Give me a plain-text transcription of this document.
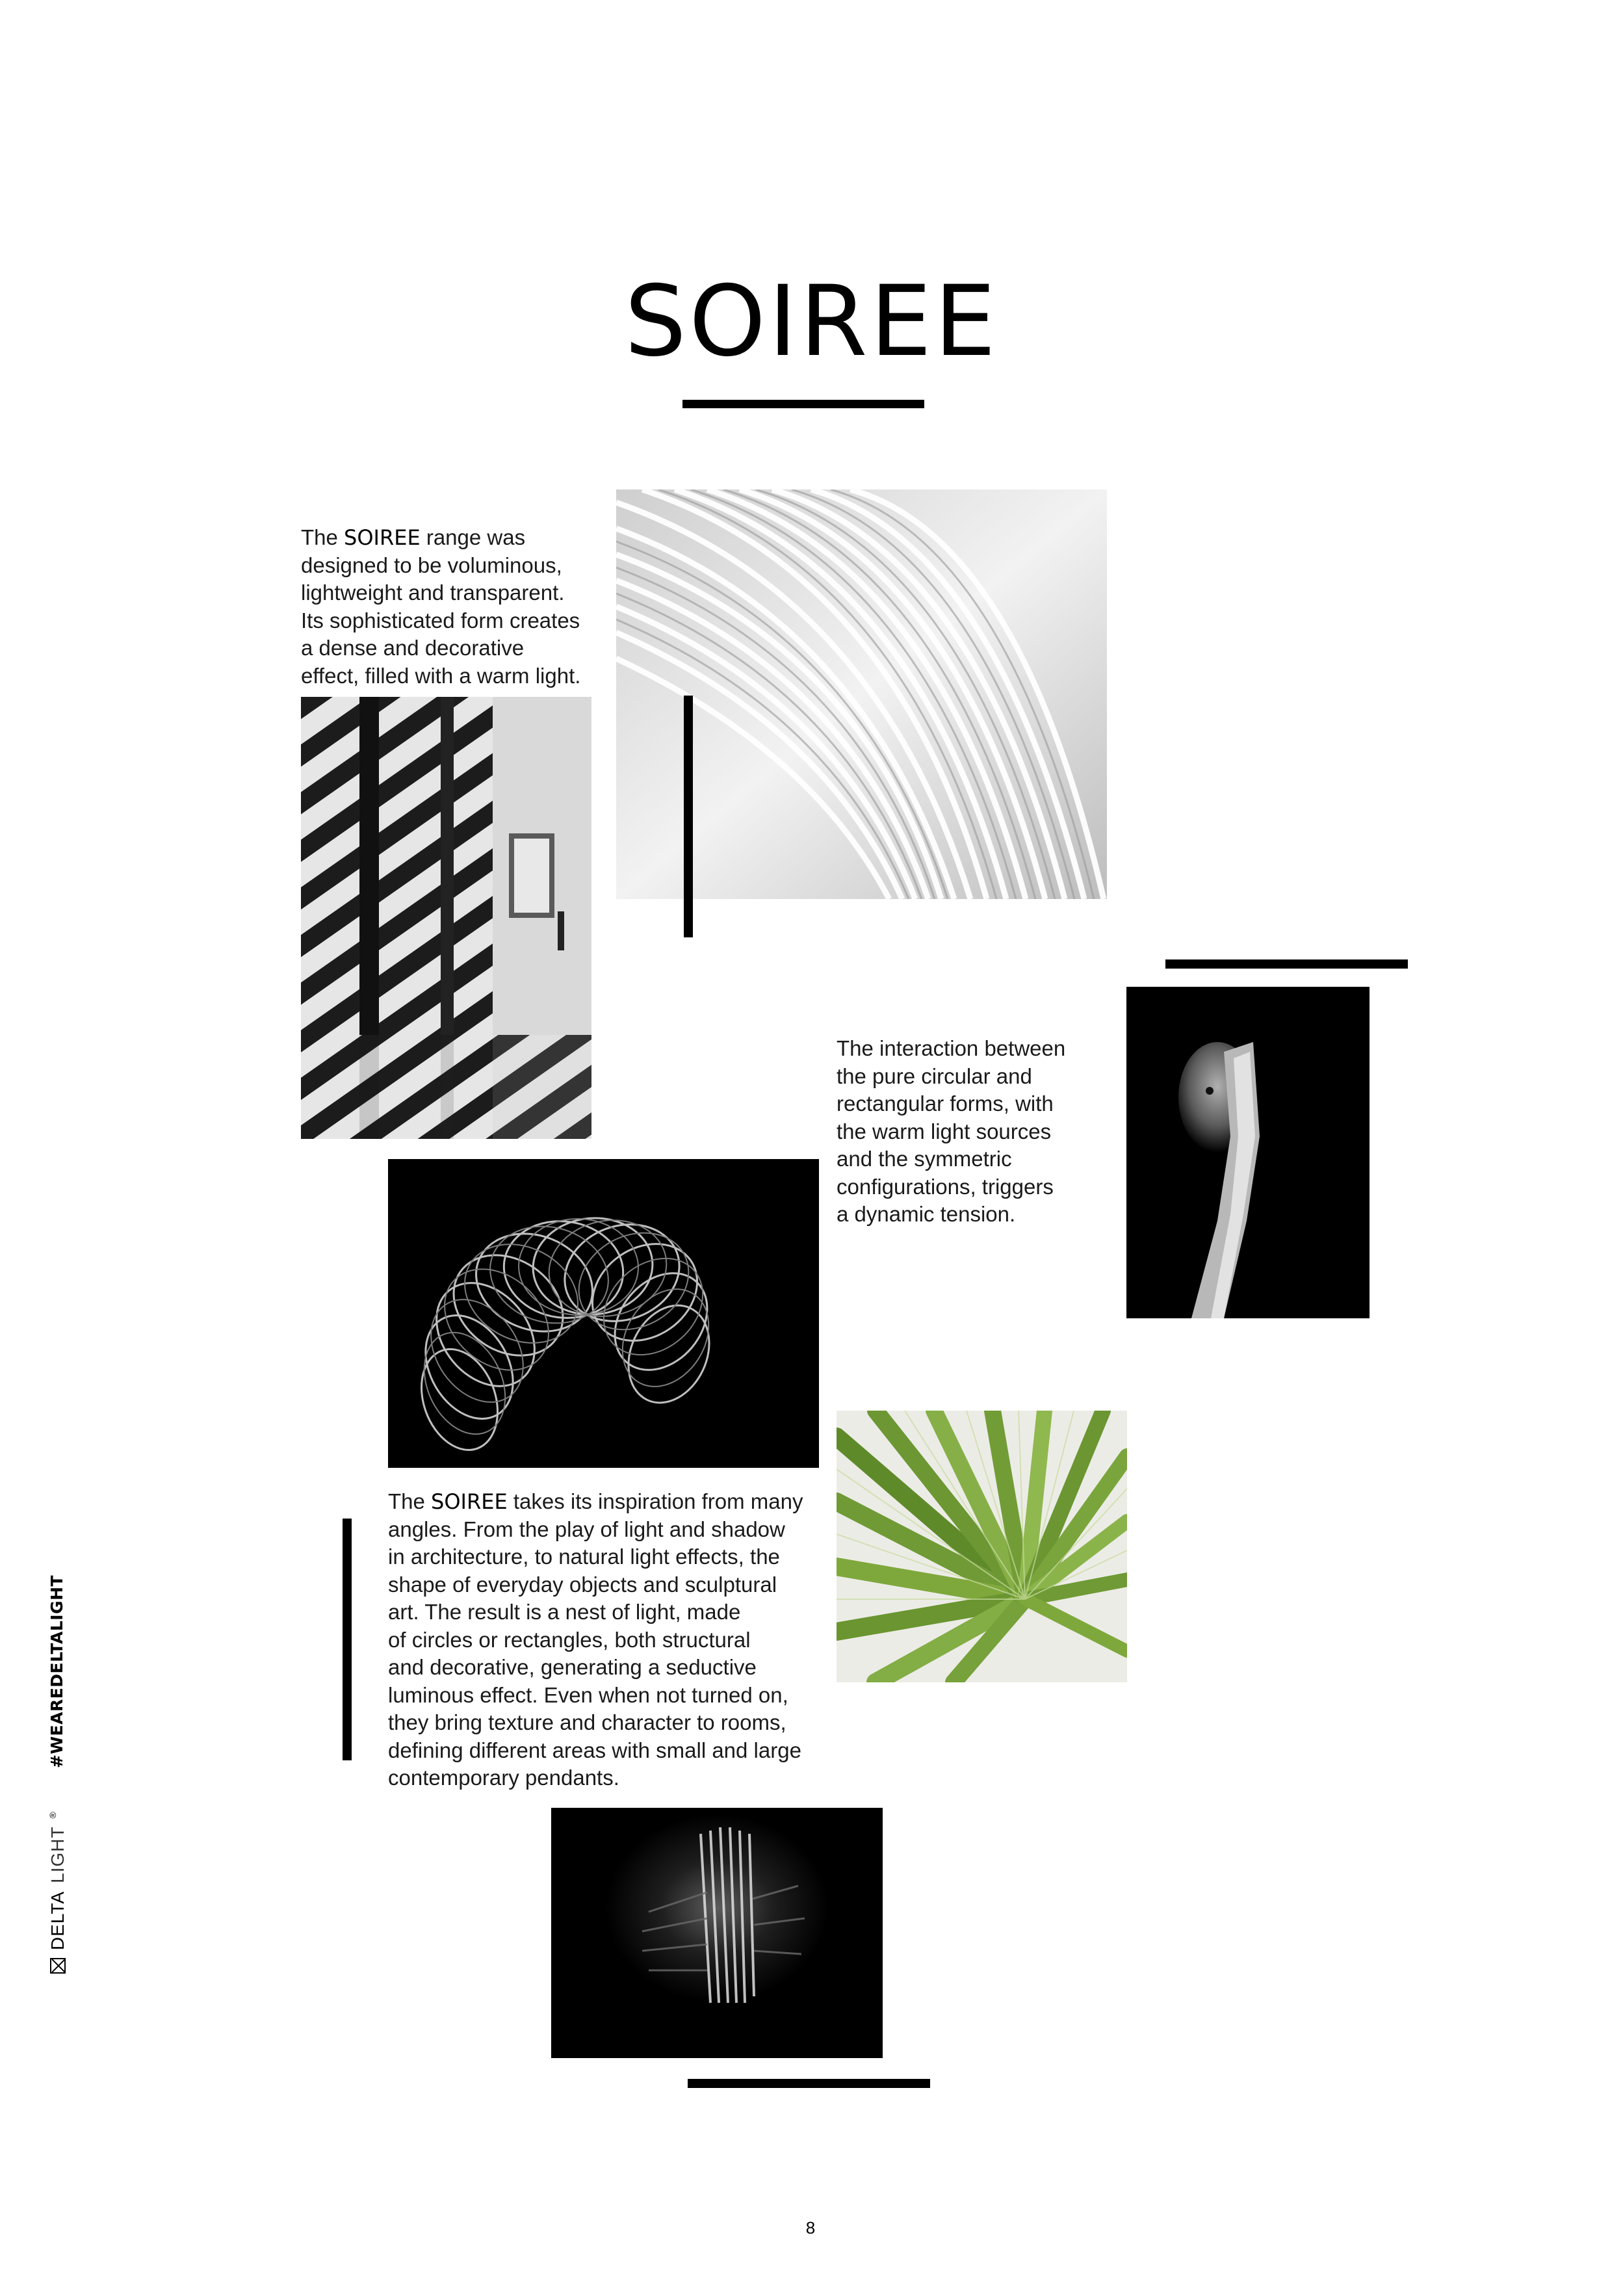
SOIREE
The SOIREE range was
designed to be voluminous,
lightweight and transparent.
Its sophisticated form creates
a dense and decorative
effect, filled with a warm light.
The interaction between
the pure circular and
rectangular forms, with
the warm light sources
and the symmetric
configurations, triggers
a dynamic tension.
The SOIREE takes its inspiration from many
angles. From the play of light and shadow
in architecture, to natural light effects, the
shape of everyday objects and sculptural
art. The result is a nest of light, made
of circles or rectangles, both structural
and decorative, generating a seductive
luminous effect. Even when not turned on,
they bring texture and character to rooms,
defining different areas with small and large
contemporary pendants.
#WEAREDELTALIGHT
DELTA
LIGHT
®
8
